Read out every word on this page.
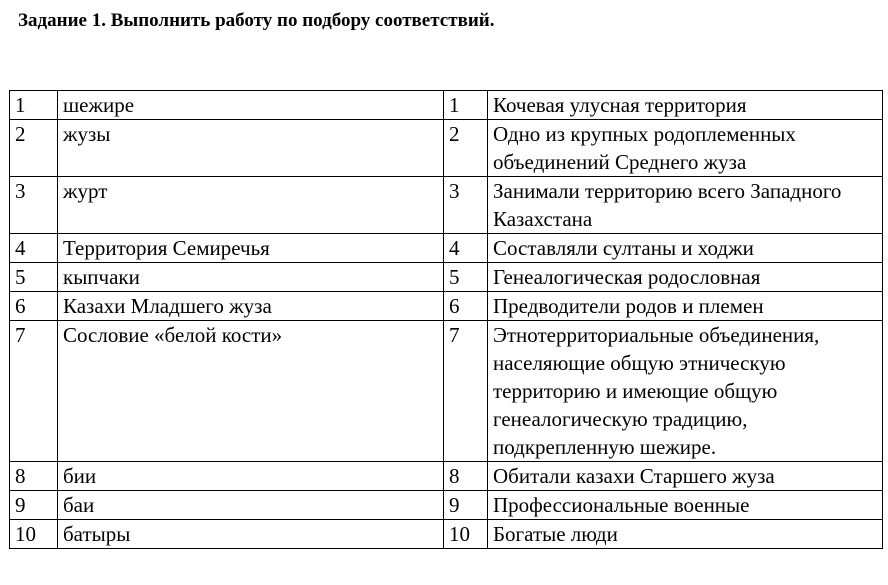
Задание 1. Выполнить работу по подбору соответствий.
1	шежире	1	Кочевая улусная территория
2	жузы	2	Одно из крупных родоплеменных объединений Среднего жуза
3	журт	3	Занимали территорию всего Западного Казахстана
4	Территория Семиречья	4	Составляли султаны и ходжи
5	кыпчаки	5	Генеалогическая родословная
6	Казахи Младшего жуза	6	Предводители родов и племен
7	Сословие «белой кости»	7	Этнотерриториальные объединения, населяющие общую этническую территорию и имеющие общую генеалогическую традицию, подкрепленную шежире.
8	бии	8	Обитали казахи Старшего жуза
9	баи	9	Профессиональные военные
10	батыры	10	Богатые люди
